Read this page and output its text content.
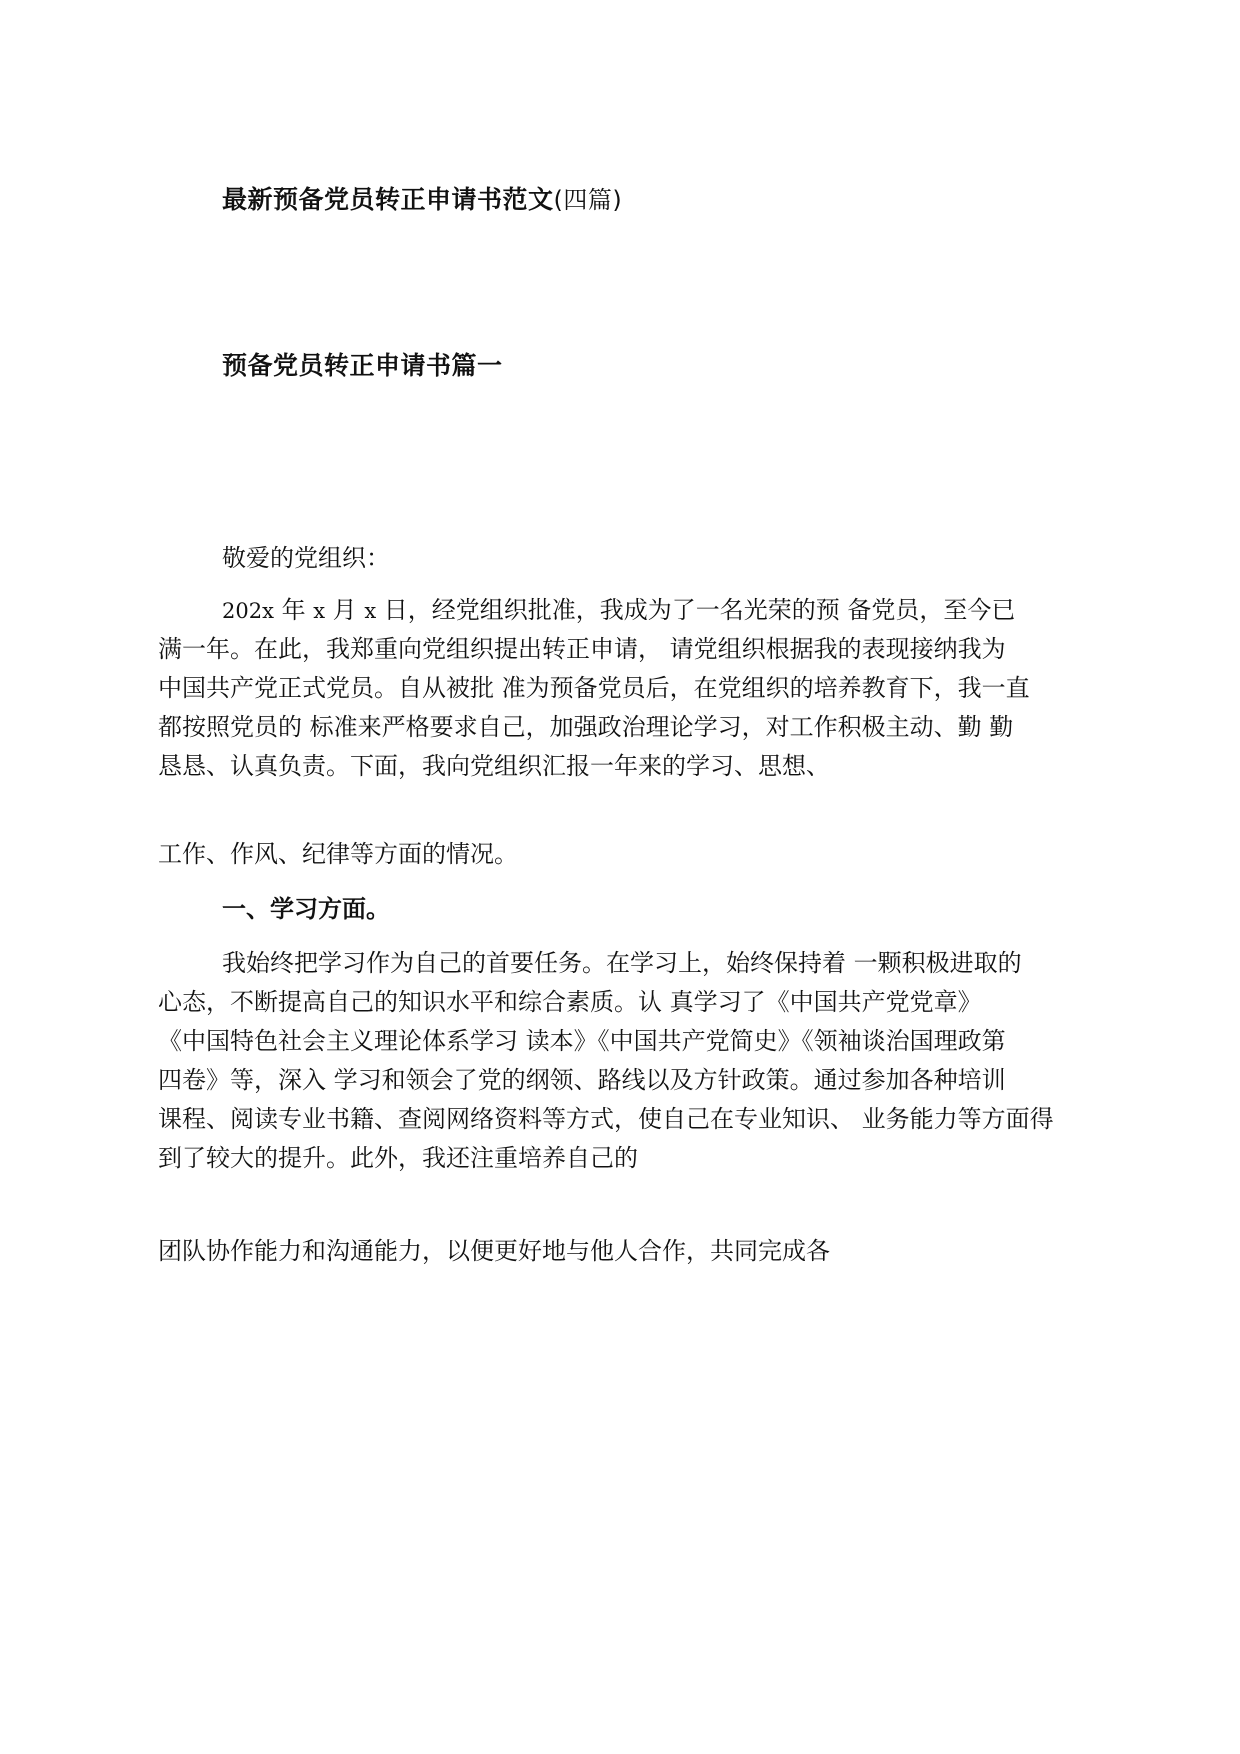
最新预备党员转正申请书范文(四篇)
预备党员转正申请书篇一
敬爱的党组织：
202x 年 x 月 x 日，经党组织批准，我成为了一名光荣的预 备党员，至今已
满一年。在此，我郑重向党组织提出转正申请， 请党组织根据我的表现接纳我为
中国共产党正式党员。自从被批 准为预备党员后，在党组织的培养教育下，我一直
都按照党员的 标准来严格要求自己，加强政治理论学习，对工作积极主动、勤 勤
恳恳、认真负责。下面，我向党组织汇报一年来的学习、思想、
工作、作风、纪律等方面的情况。
一、学习方面。
我始终把学习作为自己的首要任务。在学习上，始终保持着 一颗积极进取的
心态，不断提高自己的知识水平和综合素质。认 真学习了《中国共产党党章》
《中国特色社会主义理论体系学习 读本》《中国共产党简史》《领袖谈治国理政第
四卷》等，深入 学习和领会了党的纲领、路线以及方针政策。通过参加各种培训
课程、阅读专业书籍、查阅网络资料等方式，使自己在专业知识、 业务能力等方面得
到了较大的提升。此外，我还注重培养自己的
团队协作能力和沟通能力，以便更好地与他人合作，共同完成各
